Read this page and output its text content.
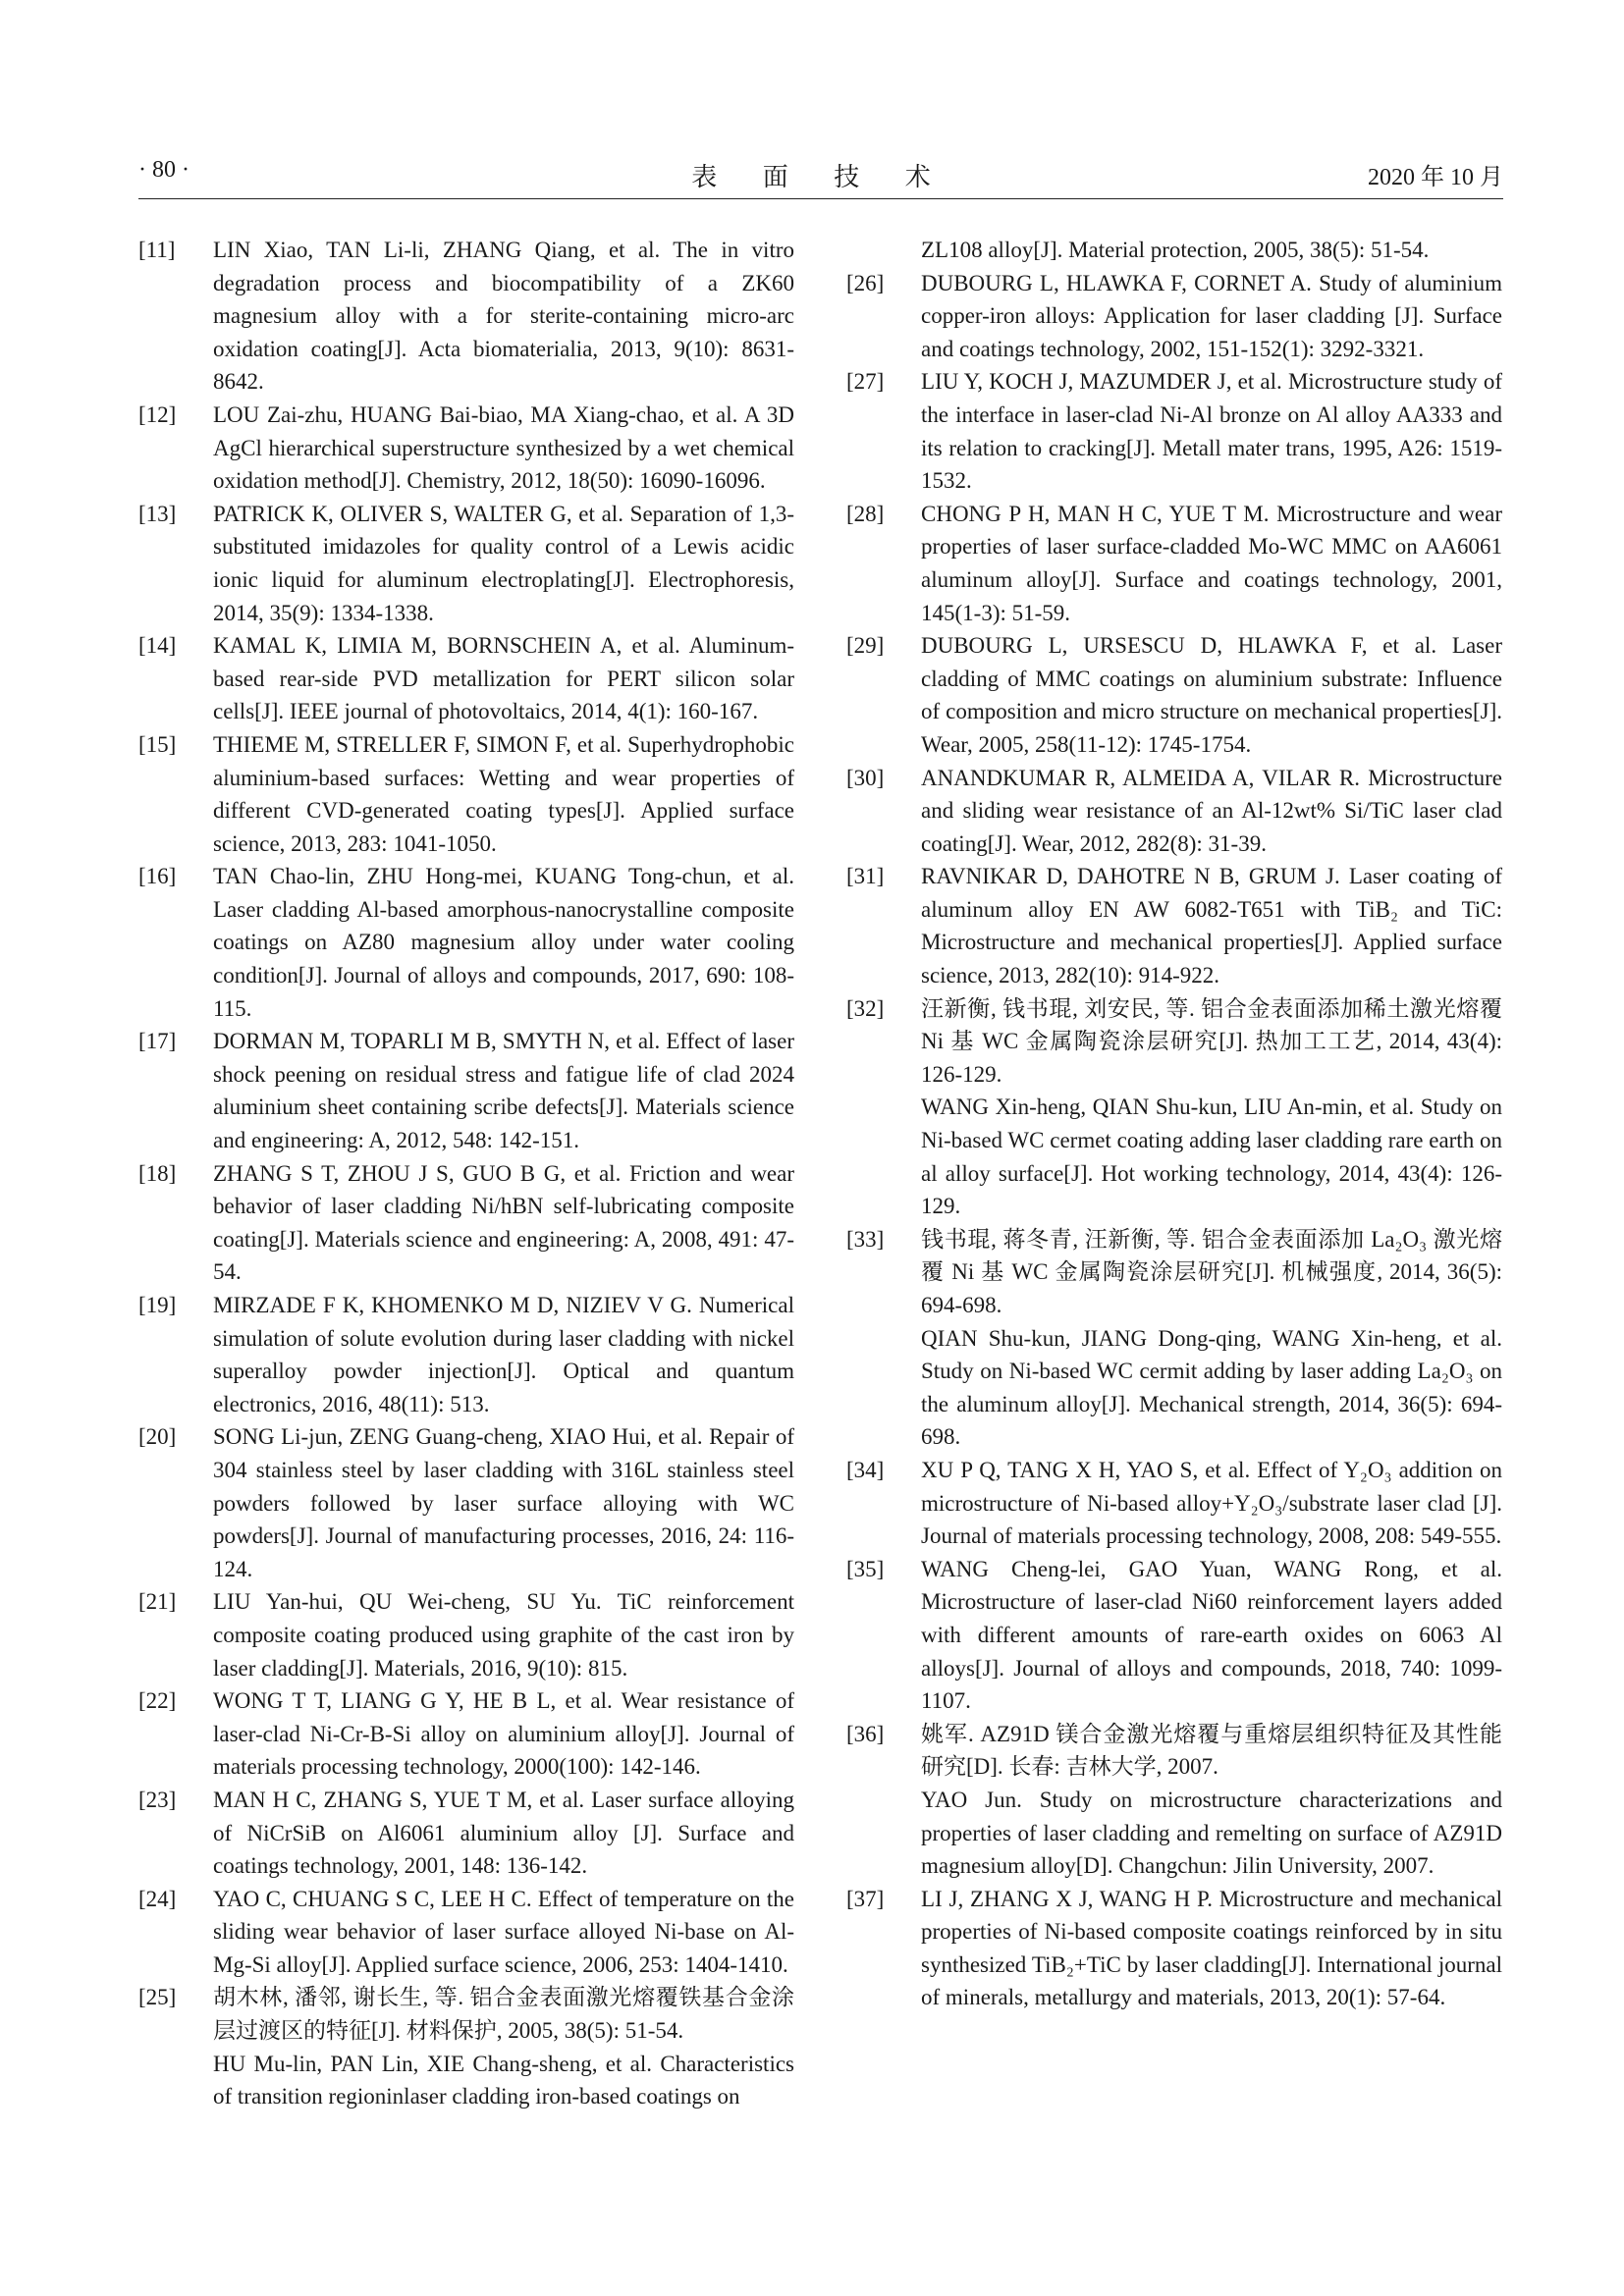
· 80 ·	表 面 技 术	2020 年 10 月
[11] LIN Xiao, TAN Li-li, ZHANG Qiang, et al. The in vitro degradation process and biocompatibility of a ZK60 magnesium alloy with a for sterite-containing micro-arc oxidation coating[J]. Acta biomaterialia, 2013, 9(10): 8631-8642.
[12] LOU Zai-zhu, HUANG Bai-biao, MA Xiang-chao, et al. A 3D AgCl hierarchical superstructure synthesized by a wet chemical oxidation method[J]. Chemistry, 2012, 18(50): 16090-16096.
[13] PATRICK K, OLIVER S, WALTER G, et al. Separation of 1,3-substituted imidazoles for quality control of a Lewis acidic ionic liquid for aluminum electroplating[J]. Electrophoresis, 2014, 35(9): 1334-1338.
[14] KAMAL K, LIMIA M, BORNSCHEIN A, et al. Aluminum-based rear-side PVD metallization for PERT silicon solar cells[J]. IEEE journal of photovoltaics, 2014, 4(1): 160-167.
[15] THIEME M, STRELLER F, SIMON F, et al. Superhydrophobic aluminium-based surfaces: Wetting and wear properties of different CVD-generated coating types[J]. Applied surface science, 2013, 283: 1041-1050.
[16] TAN Chao-lin, ZHU Hong-mei, KUANG Tong-chun, et al. Laser cladding Al-based amorphous-nanocrystalline composite coatings on AZ80 magnesium alloy under water cooling condition[J]. Journal of alloys and compounds, 2017, 690: 108-115.
[17] DORMAN M, TOPARLI M B, SMYTH N, et al. Effect of laser shock peening on residual stress and fatigue life of clad 2024 aluminium sheet containing scribe defects[J]. Materials science and engineering: A, 2012, 548: 142-151.
[18] ZHANG S T, ZHOU J S, GUO B G, et al. Friction and wear behavior of laser cladding Ni/hBN self-lubricating composite coating[J]. Materials science and engineering: A, 2008, 491: 47-54.
[19] MIRZADE F K, KHOMENKO M D, NIZIEV V G. Numerical simulation of solute evolution during laser cladding with nickel superalloy powder injection[J]. Optical and quantum electronics, 2016, 48(11): 513.
[20] SONG Li-jun, ZENG Guang-cheng, XIAO Hui, et al. Repair of 304 stainless steel by laser cladding with 316L stainless steel powders followed by laser surface alloying with WC powders[J]. Journal of manufacturing processes, 2016, 24: 116-124.
[21] LIU Yan-hui, QU Wei-cheng, SU Yu. TiC reinforcement composite coating produced using graphite of the cast iron by laser cladding[J]. Materials, 2016, 9(10): 815.
[22] WONG T T, LIANG G Y, HE B L, et al. Wear resistance of laser-clad Ni-Cr-B-Si alloy on aluminium alloy[J]. Journal of materials processing technology, 2000(100): 142-146.
[23] MAN H C, ZHANG S, YUE T M, et al. Laser surface alloying of NiCrSiB on Al6061 aluminium alloy [J]. Surface and coatings technology, 2001, 148: 136-142.
[24] YAO C, CHUANG S C, LEE H C. Effect of temperature on the sliding wear behavior of laser surface alloyed Ni-base on Al-Mg-Si alloy[J]. Applied surface science, 2006, 253: 1404-1410.
[25] 胡木林, 潘邻, 谢长生, 等. 铝合金表面激光熔覆铁基合金涂层过渡区的特征[J]. 材料保护, 2005, 38(5): 51-54.
HU Mu-lin, PAN Lin, XIE Chang-sheng, et al. Characteristics of transition regioninlaser cladding iron-based coatings on
ZL108 alloy[J]. Material protection, 2005, 38(5): 51-54.
[26] DUBOURG L, HLAWKA F, CORNET A. Study of aluminium copper-iron alloys: Application for laser cladding [J]. Surface and coatings technology, 2002, 151-152(1): 3292-3321.
[27] LIU Y, KOCH J, MAZUMDER J, et al. Microstructure study of the interface in laser-clad Ni-Al bronze on Al alloy AA333 and its relation to cracking[J]. Metall mater trans, 1995, A26: 1519-1532.
[28] CHONG P H, MAN H C, YUE T M. Microstructure and wear properties of laser surface-cladded Mo-WC MMC on AA6061 aluminum alloy[J]. Surface and coatings technology, 2001, 145(1-3): 51-59.
[29] DUBOURG L, URSESCU D, HLAWKA F, et al. Laser cladding of MMC coatings on aluminium substrate: Influence of composition and micro structure on mechanical properties[J]. Wear, 2005, 258(11-12): 1745-1754.
[30] ANANDKUMAR R, ALMEIDA A, VILAR R. Microstructure and sliding wear resistance of an Al-12wt% Si/TiC laser clad coating[J]. Wear, 2012, 282(8): 31-39.
[31] RAVNIKAR D, DAHOTRE N B, GRUM J. Laser coating of aluminum alloy EN AW 6082-T651 with TiB₂ and TiC: Microstructure and mechanical properties[J]. Applied surface science, 2013, 282(10): 914-922.
[32] 汪新衡, 钱书琨, 刘安民, 等. 铝合金表面添加稀土激光熔覆 Ni 基 WC 金属陶瓷涂层研究[J]. 热加工工艺, 2014, 43(4): 126-129.
WANG Xin-heng, QIAN Shu-kun, LIU An-min, et al. Study on Ni-based WC cermet coating adding laser cladding rare earth on al alloy surface[J]. Hot working technology, 2014, 43(4): 126-129.
[33] 钱书琨, 蒋冬青, 汪新衡, 等. 铝合金表面添加 La₂O₃ 激光熔覆 Ni 基 WC 金属陶瓷涂层研究[J]. 机械强度, 2014, 36(5): 694-698.
QIAN Shu-kun, JIANG Dong-qing, WANG Xin-heng, et al. Study on Ni-based WC cermit adding by laser adding La₂O₃ on the aluminum alloy[J]. Mechanical strength, 2014, 36(5): 694-698.
[34] XU P Q, TANG X H, YAO S, et al. Effect of Y₂O₃ addition on microstructure of Ni-based alloy+Y₂O₃/substrate laser clad [J]. Journal of materials processing technology, 2008, 208: 549-555.
[35] WANG Cheng-lei, GAO Yuan, WANG Rong, et al. Microstructure of laser-clad Ni60 reinforcement layers added with different amounts of rare-earth oxides on 6063 Al alloys[J]. Journal of alloys and compounds, 2018, 740: 1099-1107.
[36] 姚军. AZ91D 镁合金激光熔覆与重熔层组织特征及其性能研究[D]. 长春: 吉林大学, 2007.
YAO Jun. Study on microstructure characterizations and properties of laser cladding and remelting on surface of AZ91D magnesium alloy[D]. Changchun: Jilin University, 2007.
[37] LI J, ZHANG X J, WANG H P. Microstructure and mechanical properties of Ni-based composite coatings reinforced by in situ synthesized TiB₂+TiC by laser cladding[J]. International journal of minerals, metallurgy and materials, 2013, 20(1): 57-64.
